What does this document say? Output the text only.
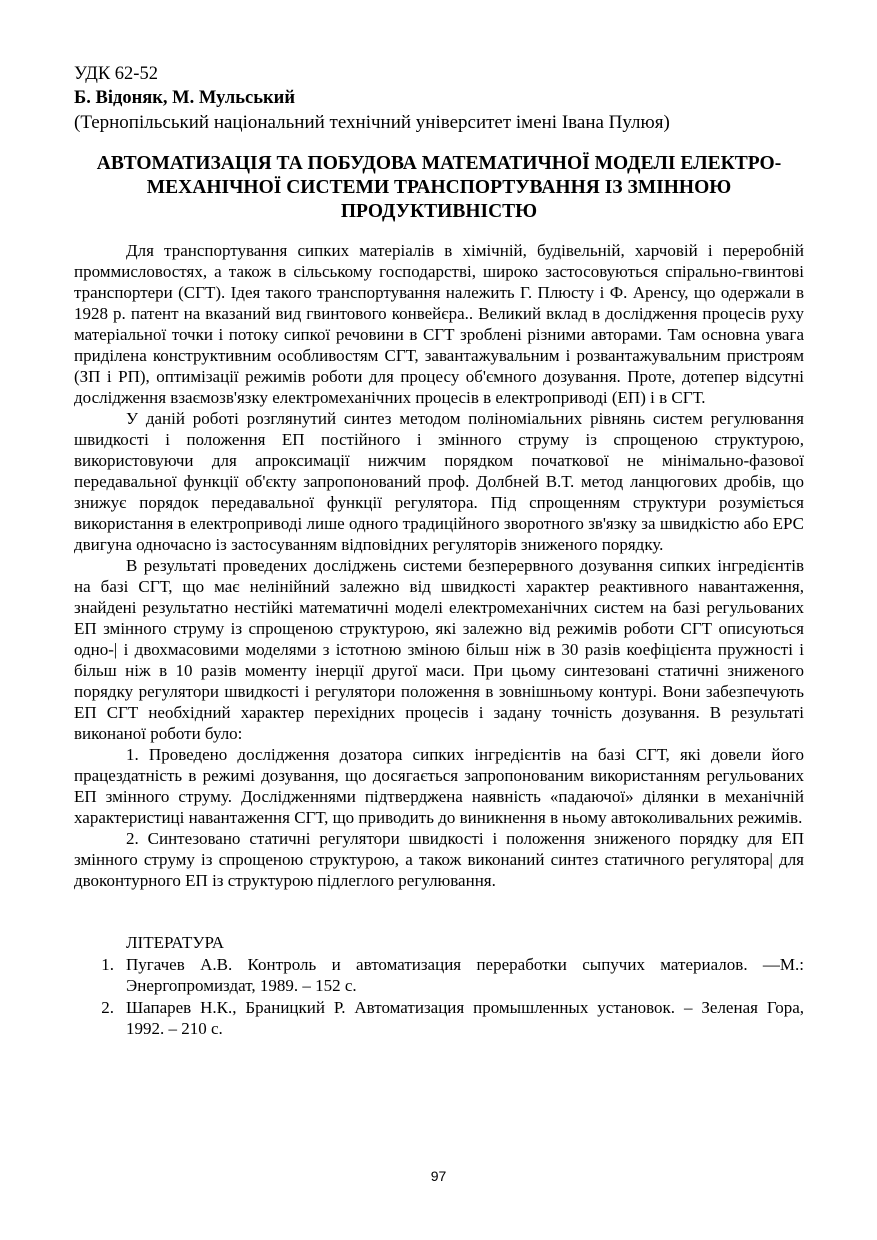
УДК 62-52
Б. Відоняк, М. Мульський
(Тернопільський національний технічний університет імені Івана Пулюя)
АВТОМАТИЗАЦІЯ ТА ПОБУДОВА МАТЕМАТИЧНОЇ МОДЕЛІ ЕЛЕКТРО-МЕХАНІЧНОЇ СИСТЕМИ ТРАНСПОРТУВАННЯ ІЗ ЗМІННОЮ ПРОДУКТИВНІСТЮ

Для транспортування сипких матеріалів в хімічній, будівельній, харчовій і переробній проммисловостях, а також в сільському господарстві, широко застосовуються спірально-гвинтові транспортери (СГТ). Ідея такого транспортування належить Г. Плюсту і Ф. Аренсу, що одержали в 1928 р. патент на вказаний вид гвинтового конвейєра.. Великий вклад в дослідження процесів руху матеріальної точки і потоку сипкої речовини в СГТ зроблені різними авторами. Там основна увага приділена конструктивним особливостям СГТ, завантажувальним і розвантажувальним пристроям (ЗП і РП), оптимізації режимів роботи для процесу об'ємного дозування. Проте, дотепер відсутні дослідження взаємозв'язку електромеханічних процесів в електроприводі (ЕП) і в СГТ.

У даній роботі розглянутий синтез методом поліноміальних рівнянь систем регулювання швидкості і положення ЕП постійного і змінного струму із спрощеною структурою, використовуючи для апроксимації нижчим порядком початкової не мінімально-фазової передавальної функції об'єкту запропонований проф. Долбней В.Т. метод ланцюгових дробів, що знижує порядок передавальної функції регулятора. Під спрощенням структури розуміється використання в електроприводі лише одного традиційного зворотного зв'язку за швидкістю або ЕРС двигуна одночасно із застосуванням відповідних регуляторів зниженого порядку.

В результаті проведених досліджень системи безперервного дозування сипких інгредієнтів на базі СГТ, що має нелінійний залежно від швидкості характер реактивного навантаження, знайдені результатно нестійкі математичні моделі електромеханічних систем на базі регульованих ЕП змінного струму із спрощеною структурою, які залежно від режимів роботи СГТ описуються одно-| і двохмасовими моделями з істотною зміною більш ніж в 30 разів коефіцієнта пружності і більш ніж в 10 разів моменту інерції другої маси. При цьому синтезовані статичні зниженого порядку регулятори швидкості і регулятори положення в зовнішньому контурі. Вони забезпечують ЕП СГТ необхідний характер перехідних процесів і задану точність дозування. В результаті виконаної роботи було:

1. Проведено дослідження дозатора сипких інгредієнтів на базі СГТ, які довели його працездатність в режимі дозування, що досягається запропонованим використанням регульованих ЕП змінного струму. Дослідженнями підтверджена наявність «падаючої» ділянки в механічній характеристиці навантаження СГТ, що приводить до виникнення в ньому автоколивальних режимів.

2. Синтезовано статичні регулятори швидкості і положення зниженого порядку для ЕП змінного струму із спрощеною структурою, а також виконаний синтез статичного регулятора| для двоконтурного ЕП із структурою підлеглого регулювання.

ЛІТЕРАТУРА
1. Пугачев А.В. Контроль и автоматизация переработки сыпучих материалов. —М.: Энергопромиздат, 1989. – 152 с.
2. Шапарев Н.К., Браницкий Р. Автоматизация промышленных установок. – Зеленая Гора, 1992. – 210 с.
97
